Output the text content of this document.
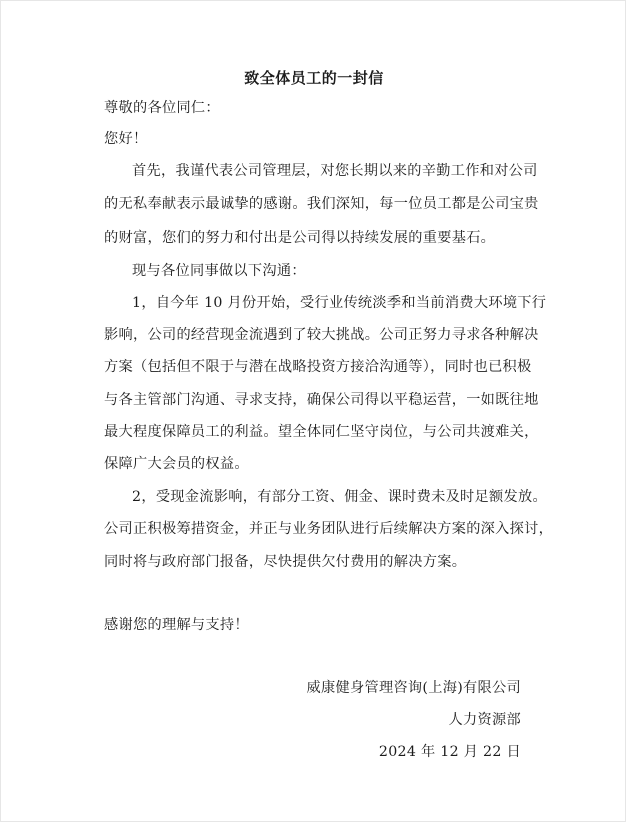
致全体员工的一封信
尊敬的各位同仁：
您好！
首先，我谨代表公司管理层，对您长期以来的辛勤工作和对公司
的无私奉献表示最诚挚的感谢。我们深知，每一位员工都是公司宝贵
的财富，您们的努力和付出是公司得以持续发展的重要基石。
现与各位同事做以下沟通：
1，自今年 10 月份开始，受行业传统淡季和当前消费大环境下行
影响，公司的经营现金流遇到了较大挑战。公司正努力寻求各种解决
方案（包括但不限于与潜在战略投资方接洽沟通等），同时也已积极
与各主管部门沟通、寻求支持，确保公司得以平稳运营，一如既往地
最大程度保障员工的利益。望全体同仁坚守岗位，与公司共渡难关，
保障广大会员的权益。
2，受现金流影响，有部分工资、佣金、课时费未及时足额发放。
公司正积极筹措资金，并正与业务团队进行后续解决方案的深入探讨，
同时将与政府部门报备，尽快提供欠付费用的解决方案。
感谢您的理解与支持！
威康健身管理咨询(上海)有限公司
人力资源部
2024 年 12 月 22 日
